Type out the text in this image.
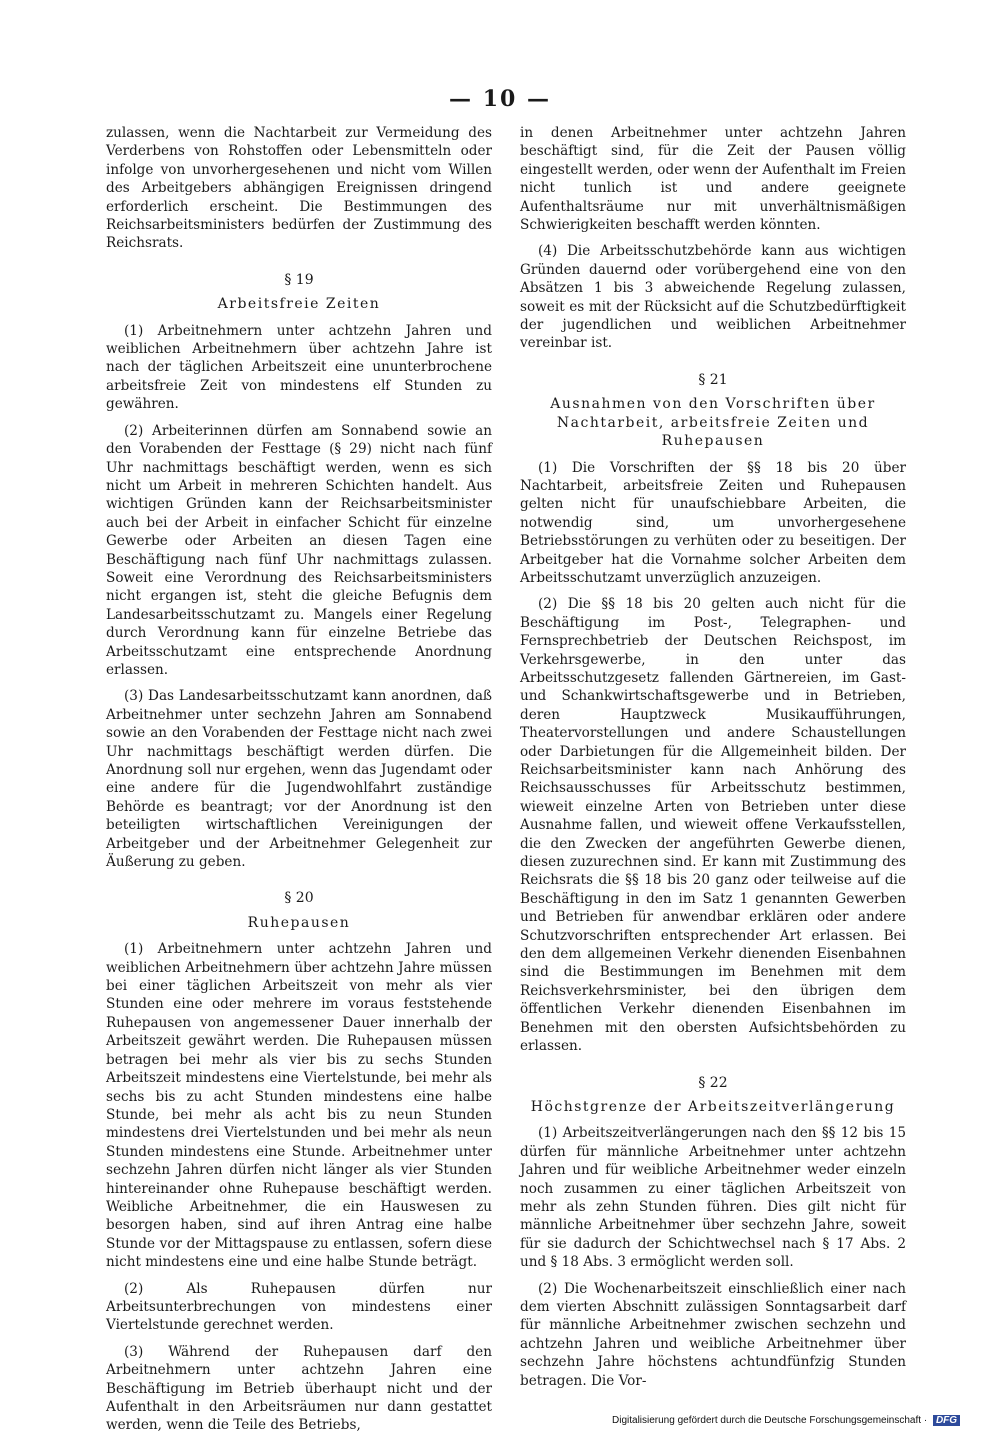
— 10 —

zulassen, wenn die Nachtarbeit zur Vermeidung des Verderbens von Rohstoffen oder Lebensmitteln oder infolge von unvorhergesehenen und nicht vom Willen des Arbeitgebers abhängigen Ereignissen dringend erforderlich erscheint. Die Bestimmungen des Reichsarbeitsministers bedürfen der Zustimmung des Reichsrats.

§ 19
Arbeitsfreie Zeiten

(1) Arbeitnehmern unter achtzehn Jahren und weiblichen Arbeitnehmern über achtzehn Jahre ist nach der täglichen Arbeitszeit eine ununterbrochene arbeitsfreie Zeit von mindestens elf Stunden zu gewähren.

(2) Arbeiterinnen dürfen am Sonnabend sowie an den Vorabenden der Festtage (§ 29) nicht nach fünf Uhr nachmittags beschäftigt werden, wenn es sich nicht um Arbeit in mehreren Schichten handelt. Aus wichtigen Gründen kann der Reichsarbeitsminister auch bei der Arbeit in einfacher Schicht für einzelne Gewerbe oder Arbeiten an diesen Tagen eine Beschäftigung nach fünf Uhr nachmittags zulassen. Soweit eine Verordnung des Reichsarbeitsministers nicht ergangen ist, steht die gleiche Befugnis dem Landesarbeitsschutzamt zu. Mangels einer Regelung durch Verordnung kann für einzelne Betriebe das Arbeitsschutzamt eine entsprechende Anordnung erlassen.

(3) Das Landesarbeitsschutzamt kann anordnen, daß Arbeitnehmer unter sechzehn Jahren am Sonnabend sowie an den Vorabenden der Festtage nicht nach zwei Uhr nachmittags beschäftigt werden dürfen. Die Anordnung soll nur ergehen, wenn das Jugendamt oder eine andere für die Jugendwohlfahrt zuständige Behörde es beantragt; vor der Anordnung ist den beteiligten wirtschaftlichen Vereinigungen der Arbeitgeber und der Arbeitnehmer Gelegenheit zur Äußerung zu geben.

§ 20
Ruhepausen

(1) Arbeitnehmern unter achtzehn Jahren und weiblichen Arbeitnehmern über achtzehn Jahre müssen bei einer täglichen Arbeitszeit von mehr als vier Stunden eine oder mehrere im voraus feststehende Ruhepausen von angemessener Dauer innerhalb der Arbeitszeit gewährt werden. Die Ruhepausen müssen betragen bei mehr als vier bis zu sechs Stunden Arbeitszeit mindestens eine Viertelstunde, bei mehr als sechs bis zu acht Stunden mindestens eine halbe Stunde, bei mehr als acht bis zu neun Stunden mindestens drei Viertelstunden und bei mehr als neun Stunden mindestens eine Stunde. Arbeitnehmer unter sechzehn Jahren dürfen nicht länger als vier Stunden hintereinander ohne Ruhepause beschäftigt werden. Weibliche Arbeitnehmer, die ein Hauswesen zu besorgen haben, sind auf ihren Antrag eine halbe Stunde vor der Mittagspause zu entlassen, sofern diese nicht mindestens eine und eine halbe Stunde beträgt.

(2) Als Ruhepausen dürfen nur Arbeitsunterbrechungen von mindestens einer Viertelstunde gerechnet werden.

(3) Während der Ruhepausen darf den Arbeitnehmern unter achtzehn Jahren eine Beschäftigung im Betrieb überhaupt nicht und der Aufenthalt in den Arbeitsräumen nur dann gestattet werden, wenn die Teile des Betriebs,

in denen Arbeitnehmer unter achtzehn Jahren beschäftigt sind, für die Zeit der Pausen völlig eingestellt werden, oder wenn der Aufenthalt im Freien nicht tunlich ist und andere geeignete Aufenthaltsräume nur mit unverhältnismäßigen Schwierigkeiten beschafft werden könnten.

(4) Die Arbeitsschutzbehörde kann aus wichtigen Gründen dauernd oder vorübergehend eine von den Absätzen 1 bis 3 abweichende Regelung zulassen, soweit es mit der Rücksicht auf die Schutzbedürftigkeit der jugendlichen und weiblichen Arbeitnehmer vereinbar ist.

§ 21
Ausnahmen von den Vorschriften über Nachtarbeit, arbeitsfreie Zeiten und Ruhepausen

(1) Die Vorschriften der §§ 18 bis 20 über Nachtarbeit, arbeitsfreie Zeiten und Ruhepausen gelten nicht für unaufschiebbare Arbeiten, die notwendig sind, um unvorhergesehene Betriebsstörungen zu verhüten oder zu beseitigen. Der Arbeitgeber hat die Vornahme solcher Arbeiten dem Arbeitsschutzamt unverzüglich anzuzeigen.

(2) Die §§ 18 bis 20 gelten auch nicht für die Beschäftigung im Post-, Telegraphen- und Fernsprechbetrieb der Deutschen Reichspost, im Verkehrsgewerbe, in den unter das Arbeitsschutzgesetz fallenden Gärtnereien, im Gast- und Schankwirtschaftsgewerbe und in Betrieben, deren Hauptzweck Musikaufführungen, Theatervorstellungen und andere Schaustellungen oder Darbietungen für die Allgemeinheit bilden. Der Reichsarbeitsminister kann nach Anhörung des Reichsausschusses für Arbeitsschutz bestimmen, wieweit einzelne Arten von Betrieben unter diese Ausnahme fallen, und wieweit offene Verkaufsstellen, die den Zwecken der angeführten Gewerbe dienen, diesen zuzurechnen sind. Er kann mit Zustimmung des Reichsrats die §§ 18 bis 20 ganz oder teilweise auf die Beschäftigung in den im Satz 1 genannten Gewerben und Betrieben für anwendbar erklären oder andere Schutzvorschriften entsprechender Art erlassen. Bei den dem allgemeinen Verkehr dienenden Eisenbahnen sind die Bestimmungen im Benehmen mit dem Reichsverkehrsminister, bei den übrigen dem öffentlichen Verkehr dienenden Eisenbahnen im Benehmen mit den obersten Aufsichtsbehörden zu erlassen.

§ 22
Höchstgrenze der Arbeitszeitverlängerung

(1) Arbeitszeitverlängerungen nach den §§ 12 bis 15 dürfen für männliche Arbeitnehmer unter achtzehn Jahren und für weibliche Arbeitnehmer weder einzeln noch zusammen zu einer täglichen Arbeitszeit von mehr als zehn Stunden führen. Dies gilt nicht für männliche Arbeitnehmer über sechzehn Jahre, soweit für sie dadurch der Schichtwechsel nach § 17 Abs. 2 und § 18 Abs. 3 ermöglicht werden soll.

(2) Die Wochenarbeitszeit einschließlich einer nach dem vierten Abschnitt zulässigen Sonntagsarbeit darf für männliche Arbeitnehmer zwischen sechzehn und achtzehn Jahren und weibliche Arbeitnehmer über sechzehn Jahre höchstens achtundfünfzig Stunden betragen. Die Vor-

Digitalisierung gefördert durch die Deutsche Forschungsgemeinschaft · DFG
